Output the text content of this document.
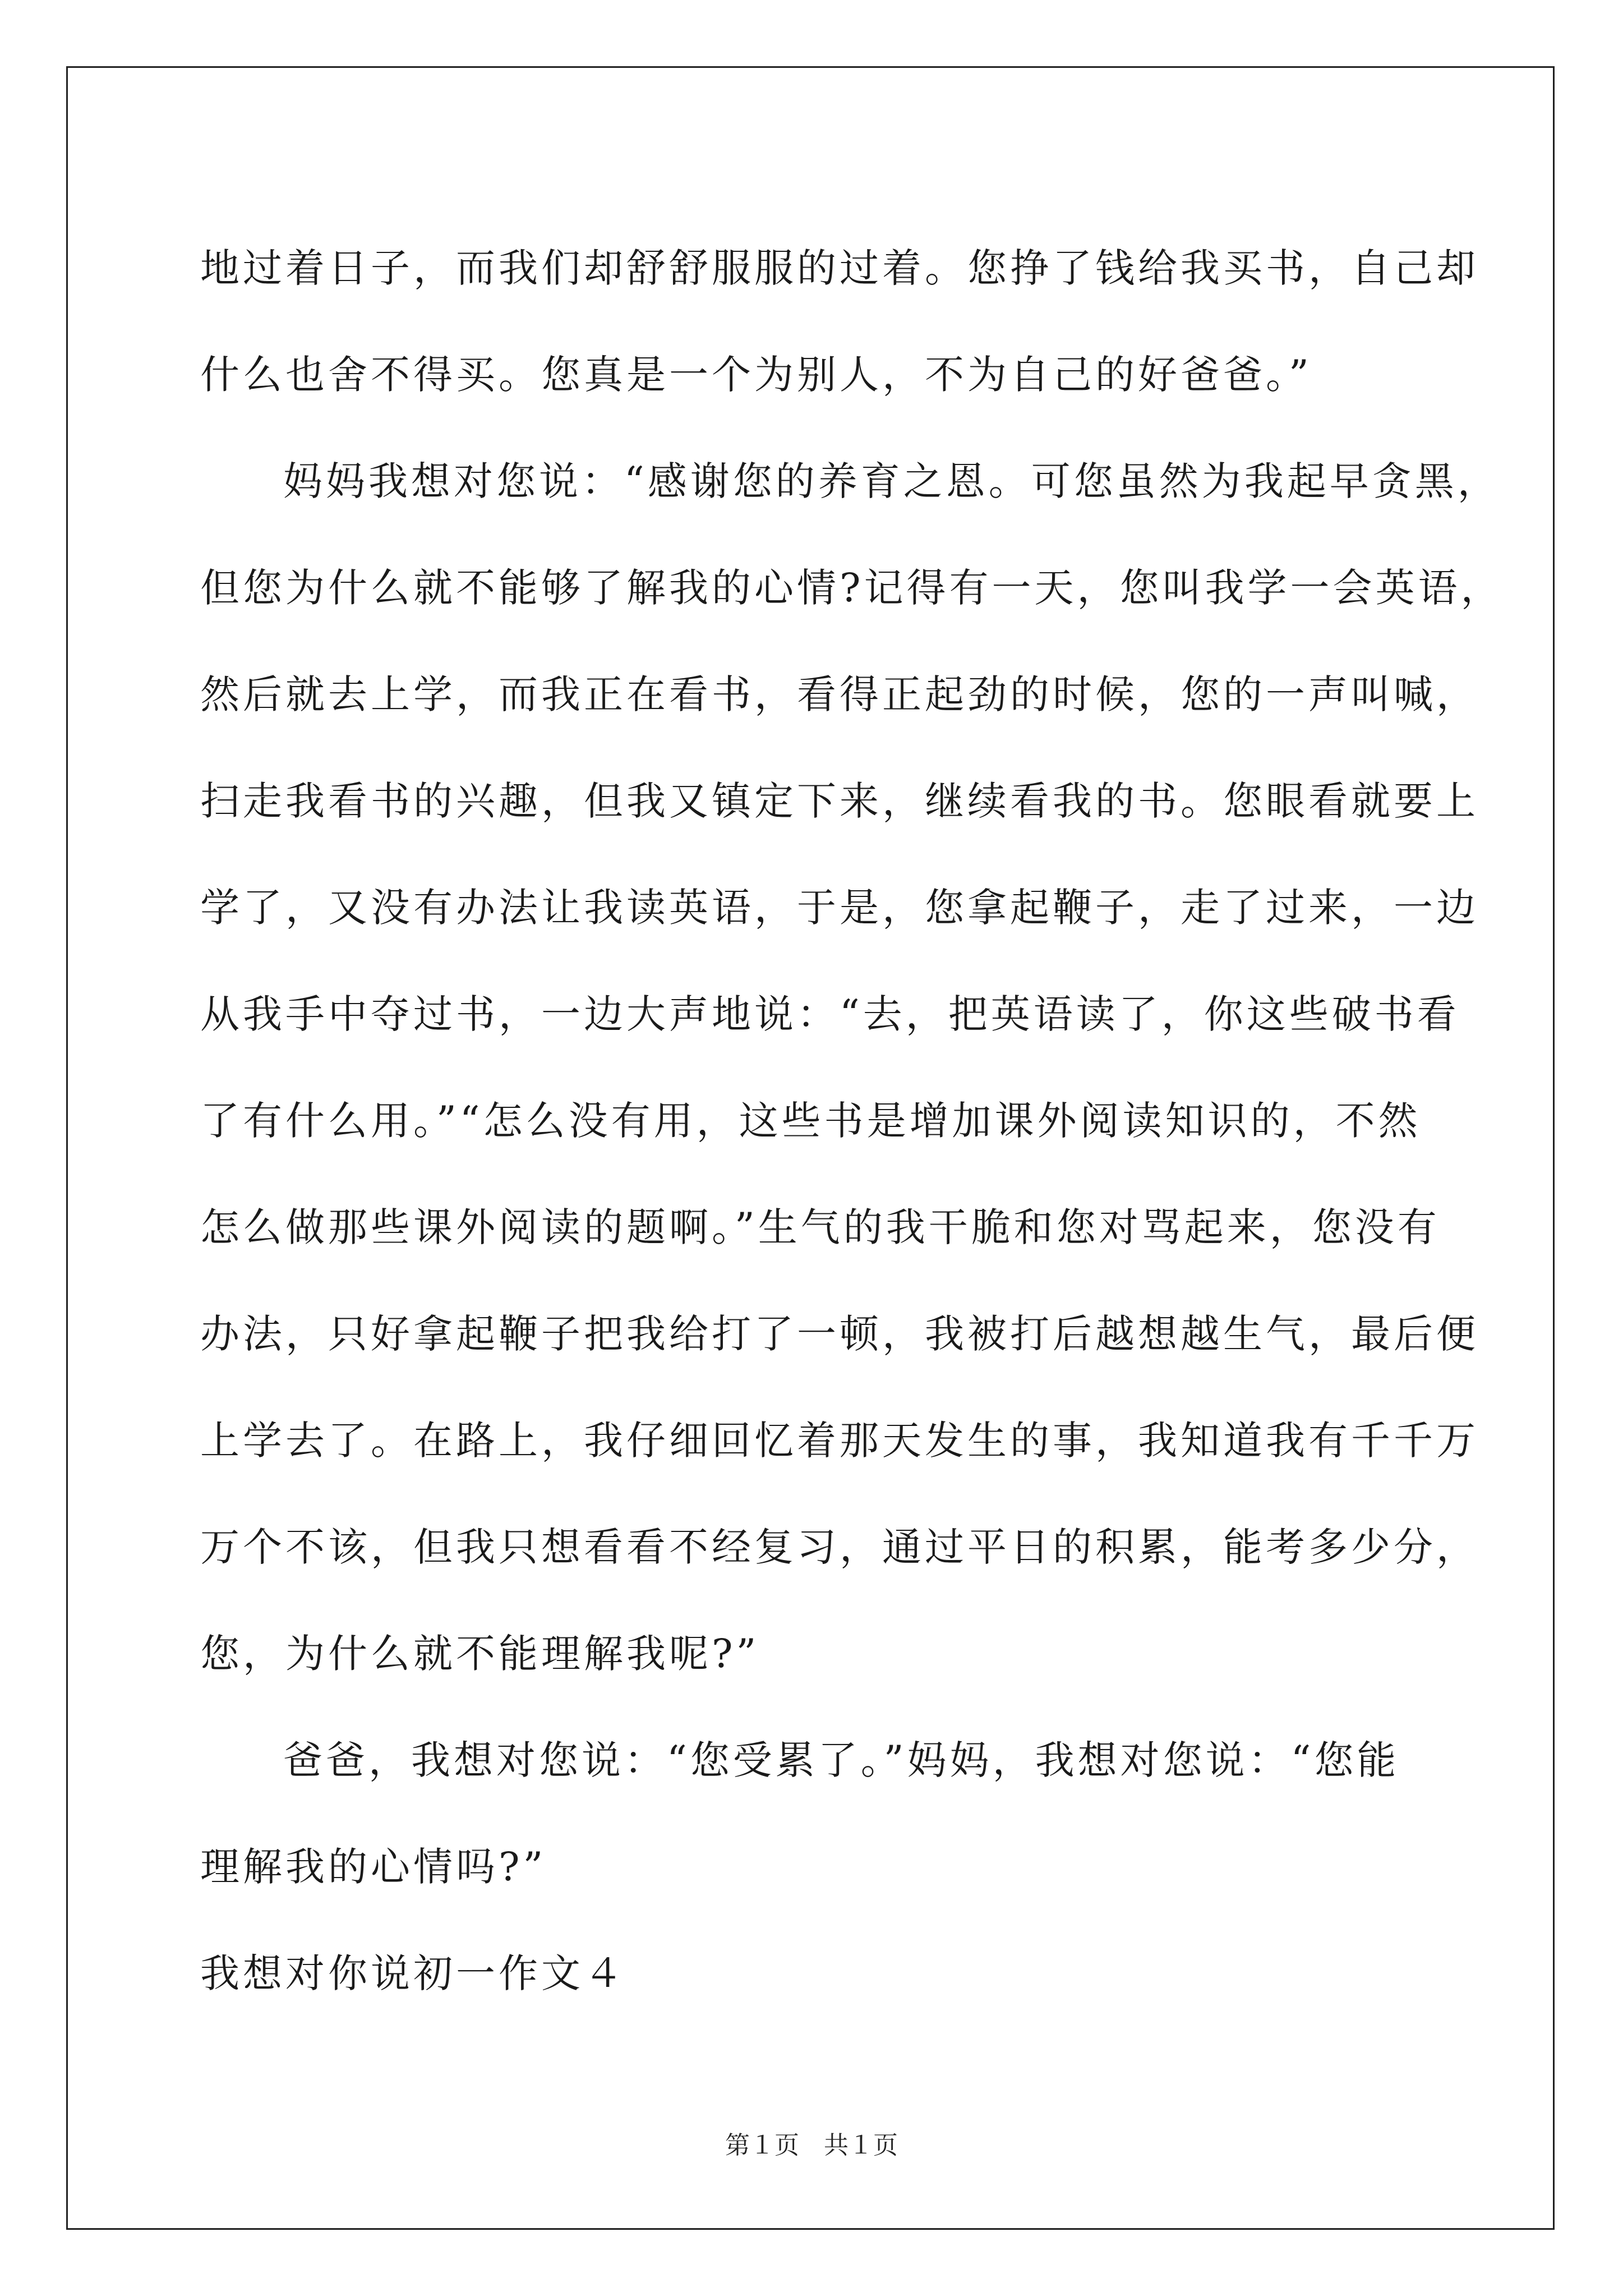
地过着日子，而我们却舒舒服服的过着。您挣了钱给我买书，自己却
什么也舍不得买。您真是一个为别人，不为自己的好爸爸。”
妈妈我想对您说：“感谢您的养育之恩。可您虽然为我起早贪黑，
但您为什么就不能够了解我的心情?记得有一天，您叫我学一会英语，
然后就去上学，而我正在看书，看得正起劲的时候，您的一声叫喊，
扫走我看书的兴趣，但我又镇定下来，继续看我的书。您眼看就要上
学了，又没有办法让我读英语，于是，您拿起鞭子，走了过来，一边
从我手中夺过书，一边大声地说：“去，把英语读了，你这些破书看
了有什么用。”“怎么没有用，这些书是增加课外阅读知识的，不然
怎么做那些课外阅读的题啊。”生气的我干脆和您对骂起来，您没有
办法，只好拿起鞭子把我给打了一顿，我被打后越想越生气，最后便
上学去了。在路上，我仔细回忆着那天发生的事，我知道我有千千万
万个不该，但我只想看看不经复习，通过平日的积累，能考多少分，
您，为什么就不能理解我呢?”
爸爸，我想对您说：“您受累了。”妈妈，我想对您说：“您能
理解我的心情吗?”
我想对你说初一作文４
第１页 共１页
